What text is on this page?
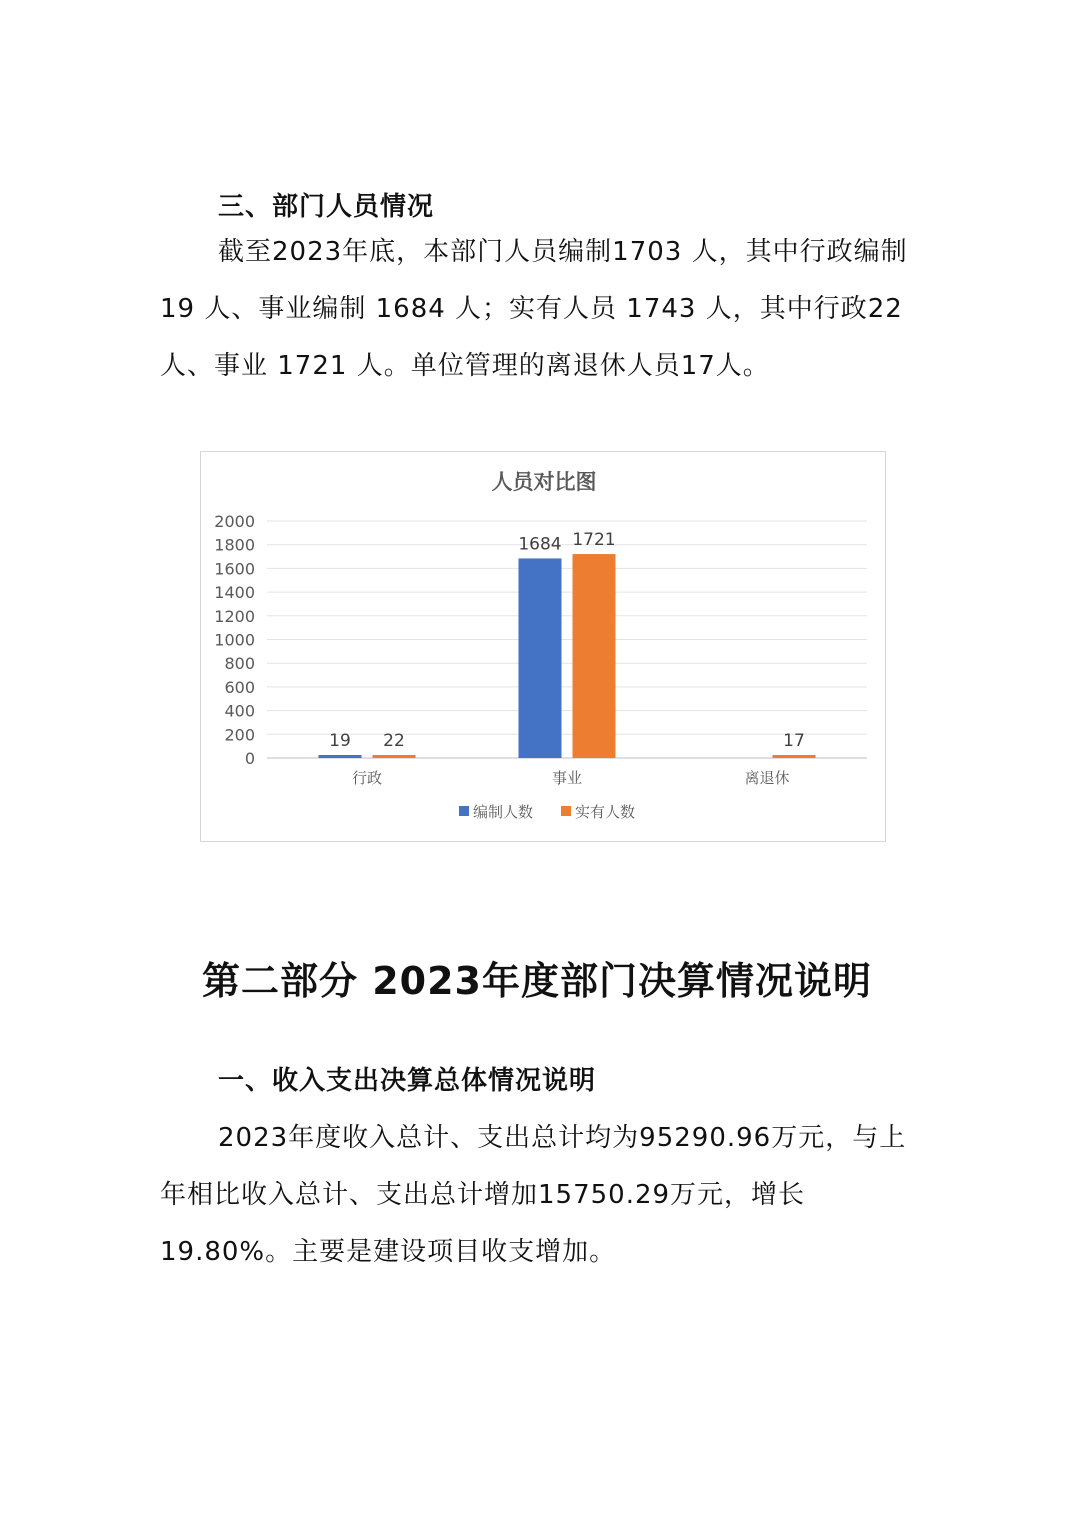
三、部门人员情况

截至2023年底，本部门人员编制1703 人，其中行政编制 19 人、事业编制 1684 人；实有人员 1743 人，其中行政22人、事业 1721 人。单位管理的离退休人员17人。

人员对比图
0
200
400
600
800
1000
1200
1400
1600
1800
2000
行政
19 22
事业
1684 1721
离退休
17
编制人数	实有人数
第二部分 2023年度部门决算情况说明
一、收入支出决算总体情况说明

2023年度收入总计、支出总计均为95290.96万元，与上年相比收入总计、支出总计增加15750.29万元，增长19.80%。主要是建设项目收支增加。
